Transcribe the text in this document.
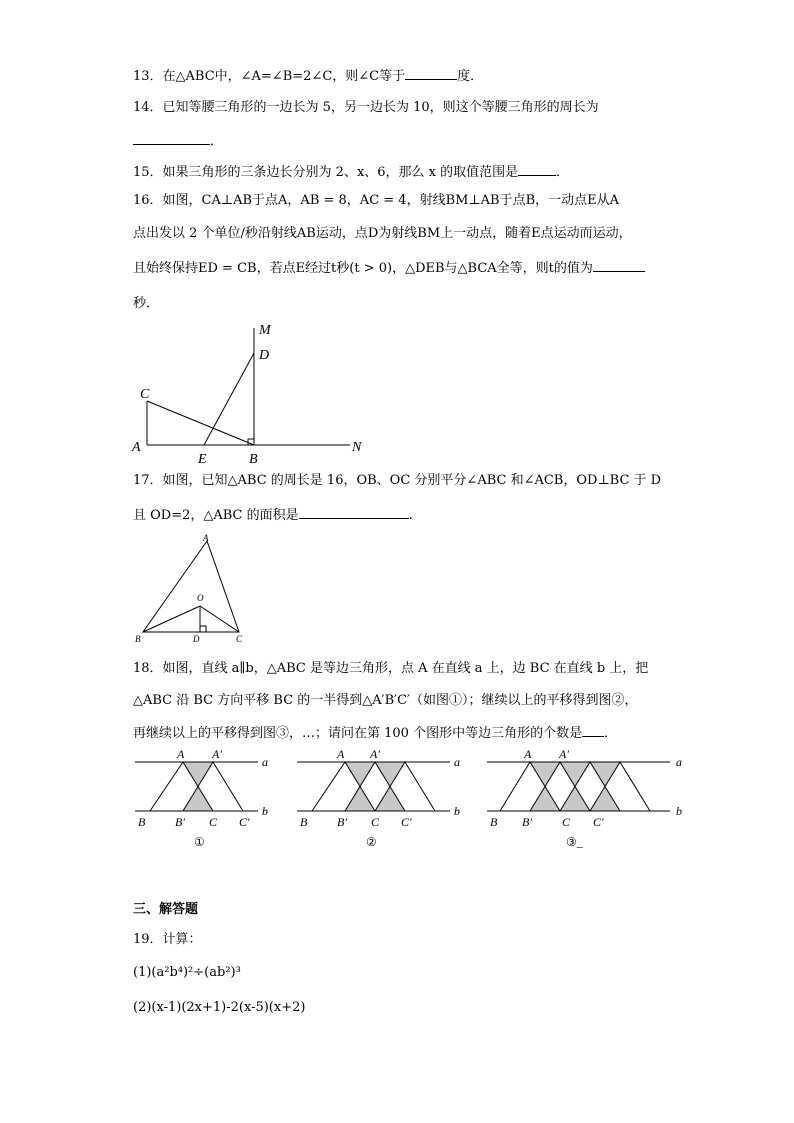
13．在△ABC中，∠A=∠B=2∠C，则∠C等于	度．
14．已知等腰三角形的一边长为 5，另一边长为 10，则这个等腰三角形的周长为
．
15．如果三角形的三条边长分别为 2、x、6，那么 x 的取值范围是	．
16．如图，CA⊥AB于点A，AB = 8，AC = 4，射线BM⊥AB于点B，一动点E从A
点出发以 2 个单位/秒沿射线AB运动，点D为射线BM上一动点，随着E点运动而运动，
且始终保持ED = CB，若点E经过t秒(t > 0)，△DEB与△BCA全等，则t的值为
秒．
M
D
C
A
E	B
N
17．如图，已知△ABC 的周长是 16，OB、OC 分别平分∠ABC 和∠ACB，OD⊥BC 于 D
且 OD=2，△ABC 的面积是	.
A
O
B	D	C
18．如图，直线 a∥b，△ABC 是等边三角形，点 A 在直线 a 上，边 BC 在直线 b 上，把
△ABC 沿 BC 方向平移 BC 的一半得到△A′B′C′（如图①）；继续以上的平移得到图②，
再继续以上的平移得到图③，…；请问在第 100 个图形中等边三角形的个数是 ．
A A′
a
b
B B′ C C′
①
A A′
a
b
B B′ C C′
②
A A′
a
b
B B′	C C′
③_
三、解答题
19．计算：
(1)(a²b⁴)²÷(ab²)³
(2)(x-1)(2x+1)-2(x-5)(x+2)
